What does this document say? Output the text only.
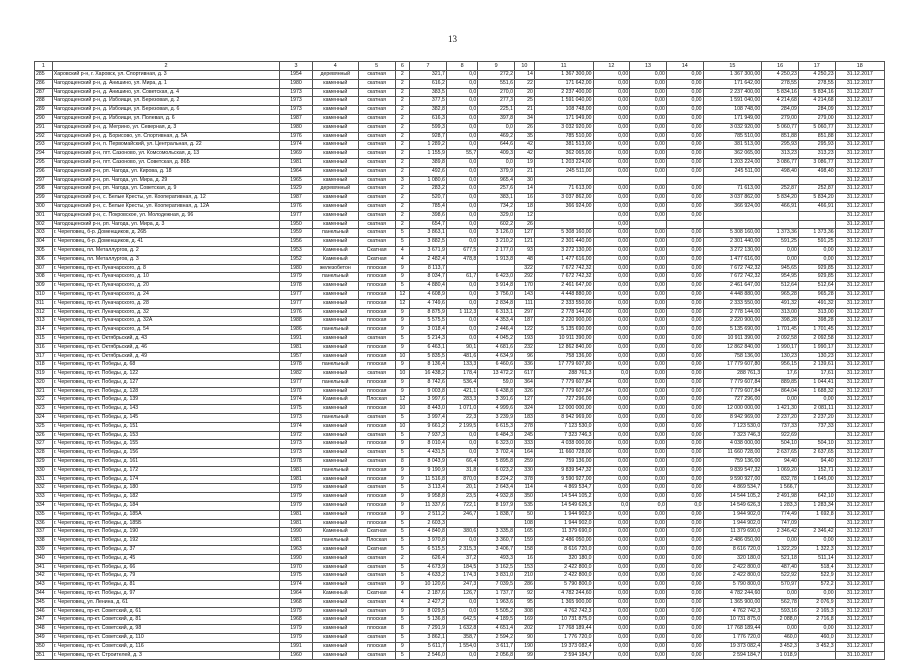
13
1	2	3	4	5	6	7	8	9	10	11	12	13	14	15	16	17	18
285	Харовский р-н, г. Харовск, ул. Спортивная, д. 3	1954	деревянный	скатная	2	321,7	0,0	272,2	14	1 367 300,00	0,00	0,00	0,00	1 367 300,00	4 250,23	4 250,23	31.12.2017
286	Чагодощенский р-н, д. Анишино, ул. Мира, д. 1	1980	каменный	скатная	2	616,2	0,0	551,6	22	171 642,00	0,00	0,00	0,00	171 642,00	278,55	278,55	31.12.2017
287	Чагодощенский р-н, д. Анишино, ул. Советская, д. 4	1973	каменный	скатная	2	383,5	0,0	270,0	20	2 237 400,00	0,00	0,00	0,00	2 237 400,00	5 834,16	5 834,16	31.12.2017
288	Чагодощенский р-н, д. Избоищи, ул. Березовая, д. 2	1973	каменный	скатная	2	377,5	0,0	277,3	25	1 591 040,00	0,00	0,00	0,00	1 591 040,00	4 214,68	4 214,68	31.12.2017
289	Чагодощенский р-н, д. Избоищи, ул. Березовая, д. 6	1973	каменный	скатная	2	382,8	0,0	225,1	21	108 748,00	0,00	0,00	0,00	108 748,00	284,09	284,09	31.12.2017
290	Чагодощенский р-н, д. Избоищи, ул. Полевая, д. 6	1987	каменный	скатная	2	616,3	0,0	397,8	34	171 949,00	0,00	0,00	0,00	171 949,00	279,00	279,00	31.12.2017
291	Чагодощенский р-н, д. Мегрино, ул. Северная, д. 3	1980	каменный	скатная	2	599,3	0,0	0,0	26	3 032 920,00	0,00	0,00	0,00	3 032 920,00	5 060,77	5 060,77	31.12.2017
292	Чагодощенский р-н, д. Борисово, ул. Спортивная, д. 5А	1976	каменный	скатная	2	928,7	0,0	469,2	35	785 510,00	0,00	0,00	0,00	785 510,00	851,88	851,88	31.12.2017
293	Чагодощенский р-н, п. Первомайский, ул. Центральная, д. 22	1974	каменный	скатная	2	1 289,2	0,0	644,6	42	381 513,00	0,00	0,00	0,00	381 513,00	295,93	295,93	31.12.2017
294	Чагодощенский р-н, пгт. Сазоново, ул. Комсомольская, д. 13	1969	каменный	скатная	2	1 155,9	55,7	409,3	42	362 065,00	0,00	0,00	0,00	362 065,00	313,23	313,23	31.12.2017
295	Чагодощенский р-н, пгт. Сазоново, ул. Советская, д. 86Б	1981	каменный	скатная	2	389,8	0,0	0,0	19	1 203 224,00	0,00	0,00	0,00	1 203 224,00	3 086,77	3 086,77	31.12.2017
296	Чагодощенский р-н, рп. Чагода, ул. Кирова, д. 18	1964	каменный	скатная	2	492,6	0,0	379,9	21	245 511,00	0,00	0,00	0,00	245 511,00	498,40	498,40	31.12.2017
297	Чагодощенский р-н, рп. Чагода, ул. Мира, д. 29	1965	каменный	скатная	3	1 080,6	0,0	965,4	30								31.12.2017
298	Чагодощенский р-н, рп. Чагода, ул. Советская, д. 9	1929	деревянный	скатная	2	283,2	0,0	257,6	14	71 613,00	0,00	0,00	0,00	71 613,00	252,87	252,87	31.12.2017
299	Чагодощенский р-н, с. Белые Кресты, ул. Кооперативная, д. 12	1987	каменный	скатная	2	520,7	0,0	383,1	16	3 037 862,00	0,00	0,00	0,00	3 037 862,00	5 834,20	5 834,20	31.12.2017
300	Чагодощенский р-н, с. Белые Кресты, ул. Кооперативная, д. 12А	1976	каменный	скатная	2	785,4	0,0	734,2	18	366 924,00	0,00	0,00	0,00	366 924,00	466,91	466,91	31.12.2017
301	Чагодощенский р-н, с. Покровское, ул. Молодежная, д. 96	1977	каменный	скатная	2	398,6	0,0	329,0	12		0,00	0,00	0,00				31.12.2017
302	Чагодощенский р-н, рп. Чагода, ул. Мира, д. 3	1950	каменный	скатная	2	654,7	0,0	602,2	26		0,00						31.12.2017
303	г. Череповец, б-р. Доменщиков, д. 26Б	1959	панельный	скатная	5	3 863,1	0,0	3 126,0	127	5 308 160,00	0,00	0,00	0,00	5 308 160,00	1 373,36	1 373,36	31.12.2017
304	г. Череповец, б-р. Доменщиков, д. 41	1956	каменный	скатная	5	3 882,5	0,0	3 210,2	121	2 301 440,00	0,00	0,00	0,00	2 301 440,00	591,25	591,25	31.12.2017
305	г. Череповец, пл. Металлургов, д. 2	1953	Каменный	Скатная	4	3 671,9	677,5	2 177,0	93	3 272 130,00	0,00	0,00	0,00	3 272 130,00	0,00	0,00	31.12.2017
306	г. Череповец, пл. Металлургов, д. 3	1952	Каменный	Скатная	4	2 482,4	478,8	1 913,8	48	1 477 616,00	0,00	0,00	0,00	1 477 616,00	0,00	0,00	31.12.2017
307	г. Череповец, пр-кт. Луначарского, д. 8	1980	железобетон	плоская	9	8 113,7			322	7 672 742,32	0,00	0,00	0,00	7 672 742,32	945,65	929,85	31.12.2017
308	г. Череповец, пр-кт. Луначарского, д. 10	1979	панельный	плоская	9	8 034,7	61,7	6 423,0	292	7 672 742,32	0,00	0,00	0,00	7 672 742,32	954,95	929,85	31.12.2017
309	г. Череповец, пр-кт. Луначарского, д. 20	1978	каменный	плоская	5	4 880,4	0,0	3 914,8	170	2 461 647,00	0,00	0,00	0,00	2 461 647,00	512,64	512,64	31.12.2017
310	г. Череповец, пр-кт. Луначарского, д. 24	1977	каменный	плоская	12	4 608,9	0,0	3 756,0	143	4 448 880,00	0,00	0,00	0,00	4 448 880,00	965,28	965,28	31.12.2017
311	г. Череповец, пр-кт. Луначарского, д. 28	1977	каменный	плоская	12	4 749,6	0,0	2 834,8	111	2 333 550,00	0,00	0,00	0,00	2 333 550,00	491,32	491,32	31.12.2017
312	г. Череповец, пр-кт. Луначарского, д. 32	1976	каменный	плоская	9	8 875,9	1 112,3	6 313,1	297	2 778 144,00	0,00	0,00	0,00	2 778 144,00	313,00	313,00	31.12.2017
313	г. Череповец, пр-кт. Луначарского, д. 32А	1988	каменный	плоская	9	5 575,5	0,0	4 353,4	187	2 220 900,00	0,00	0,00	0,00	2 220 900,00	398,28	398,28	31.12.2017
314	г. Череповец, пр-кт. Луначарского, д. 54	1986	панельный	плоская	9	3 018,4	0,0	2 446,4	122	5 135 690,00	0,00	0,00	0,00	5 135 690,00	1 701,45	1 701,45	31.12.2017
315	г. Череповец, пр-кт. Октябрьский, д. 43	1991	каменный	скатная	5	5 214,3	0,0	4 045,2	193	10 911 390,00	0,00	0,00	0,00	10 911 390,00	2 092,58	2 092,58	31.12.2017
316	г. Череповец, пр-кт. Октябрьский, д. 46	1981	каменный	плоская	9	6 463,1	90,1	4 681,6	232	12 862 840,00	0,00	0,00	0,00	12 862 840,00	1 990,17	1 990,17	31.12.2017
317	г. Череповец, пр-кт. Октябрьский, д. 49	1957	каменный	плоская	10	5 835,5	481,6	4 634,9	96	758 136,00	0,00	0,00	0,00	758 136,00	130,23	130,23	31.12.2017
318	г. Череповец, пр-кт. Победы, д. 68	1978	панельный	плоская	9	8 136,4	133,3	6 460,6	336	17 779 607,80	0,00	0,00	0,00	17 779 607,80	956,15	2 139,61	31.12.2017
319	г. Череповец, пр-кт. Победы, д. 122	1982	каменный	скатная	10	16 438,2	178,4	13 472,2	617	288 761,3	0,0	0,00	0,00	288 761,3	17,6	17,61	31.12.2017
320	г. Череповец, пр-кт. Победы, д. 127	1977	панельный	плоская	9	8 742,6	536,4	59,0	364	7 779 607,84	0,00	0,00	0,00	7 779 607,84	889,85	1 044,41	31.12.2017
321	г. Череповец, пр-кт. Победы, д. 128	1970	каменный	плоская	9	9 003,8	421,1	6 438,8	326	7 779 607,84	0,00	0,00	0,00	7 779 607,84	864,04	1 688,32	31.12.2017
322	г. Череповец, пр-кт. Победы, д. 139	1974	Каменный	Плоская	12	3 997,6	283,3	3 391,6	127	727 296,00	0,00	0,00	0,00	727 296,00	0,00	0,00	31.12.2017
323	г. Череповец, пр-кт. Победы, д. 143	1975	каменный	плоская	10	8 443,0	1 071,0	4 999,6	324	12 000 000,00	0,00	0,00	0,00	12 000 000,00	1 421,30	2 081,11	31.12.2017
324	г. Череповец, пр-кт. Победы, д. 145	1973	панельный	скатная	5	3 997,4	22,3	3 239,9	183	8 942 969,00	0,00	0,00	0,00	8 942 969,00	2 237,20	2 237,20	31.12.2017
325	г. Череповец, пр-кт. Победы, д. 151	1974	каменный	плоская	10	9 661,2	2 199,5	6 615,3	278	7 123 530,0	0,00	0,00	0,00	7 123 530,0	737,33	737,33	31.12.2017
326	г. Череповец, пр-кт. Победы, д. 153	1972	каменный	скатная	5	7 937,3	0,0	6 484,3	245	7 323 746,3	0,00	0,00	0,00	7 323 746,3	922,69		31.12.2017
327	г. Череповец, пр-кт. Победы, д. 155	1973	каменный	плоская	9	8 010,4	0,0	6 323,0	333	4 038 000,00	0,00	0,00	0,00	4 038 000,00	504,10	504,10	31.12.2017
328	г. Череповец, пр-кт. Победы, д. 156	1973	каменный	скатная	5	4 431,5	0,0	3 702,4	164	11 660 728,00	0,00	0,00	0,00	11 660 728,00	2 637,65	2 637,65	31.12.2017
329	г. Череповец, пр-кт. Победы, д. 161	1978	каменный	скатная	8	8 043,9	66,4	5 895,8	259	759 136,00	0,00	0,00	0,00	759 136,00	94,40	94,40	31.12.2017
330	г. Череповец, пр-кт. Победы, д. 172	1981	панельный	плоская	9	9 190,9	31,8	6 023,2	330	9 839 547,32	0,00	0,00	0,00	9 839 547,32	1 069,20	152,71	31.12.2017
331	г. Череповец, пр-кт. Победы, д. 174	1981	каменный	плоская	9	11 516,8	870,0	8 224,2	378	9 590 927,00	0,00	0,00	0,00	9 590 927,00	832,78	1 645,00	31.12.2017
332	г. Череповец, пр-кт. Победы, д. 180	1979	каменный	скатная	5	3 113,4	20,1	2 643,4	114	4 869 534,7	0,00	0,00	0,00	4 869 534,7	1 566,7		31.12.2017
333	г. Череповец, пр-кт. Победы, д. 182	1979	каменный	плоская	9	9 958,8	23,5	4 932,8	350	14 544 105,2	0,00	0,00	0,00	14 544 105,2	2 491,98	642,10	31.12.2017
334	г. Череповец, пр-кт. Победы, д. 184	1979	каменный	плоская	9	11 337,6	722,1	8 197,9	535	14 549 626,3	0,0	0,0	0,0	14 549 626,3	1 283,3	1 283,34	31.12.2017
335	г. Череповец, пр-кт. Победы, д. 185А	1981	каменный	плоская	9	2 511,2	246,7	1 838,7	50	1 944 902,0	0,00	0,00	0,00	1 944 902,0	774,49	1 692,8	31.12.2017
336	г. Череповец, пр-кт. Победы, д. 185Б	1981	каменный	плоская	5	2 603,3			108	1 944 902,0	0,00	0,00	0,00	1 944 902,0	747,09		31.12.2017
337	г. Череповец, пр-кт. Победы, д. 190	1990	Каменный	Скатная	5	4 840,8	380,6	3 335,8	165	11 379 690,0	0,00	0,00	0,00	11 379 690,0	2 346,42	2 346,42	31.12.2017
338	г. Череповец, пр-кт. Победы, д. 192	1981	панельный	Плоская	5	3 970,8	0,0	3 360,7	159	2 486 050,00	0,00	0,00	0,00	2 486 050,00	0,00	0,00	31.12.2017
339	г. Череповец, пр-кт. Победы, д. 37	1963	каменный	Скатная	5	6 515,5	2 315,3	3 406,7	158	8 616 720,0	0,00	0,00	0,00	8 616 720,0	1 322,29	1 322,3	31.12.2017
340	г. Череповец, пр-кт. Победы, д. 45	1990	каменный	скатная	2	626,4	37,2	493,3	16	320 180,0	0,00	0,00	0,00	320 180,0	521,18	511,14	31.12.2017
341	г. Череповец, пр-кт. Победы, д. 66	1970	каменный	скатная	5	4 673,9	184,5	3 162,5	153	2 422 800,0	0,00	0,00	0,00	2 422 800,0	487,40	518,4	31.12.2017
342	г. Череповец, пр-кт. Победы, д. 79	1975	каменный	скатная	5	4 633,2	174,3	3 831,0	210	2 422 800,0	0,00	0,00	0,00	2 422 800,0	522,92	522,9	31.12.2017
343	г. Череповец, пр-кт. Победы, д. 81	1974	каменный	скатная	9	10 120,6	247,3	7 039,5	286	5 790 800,0	0,00	0,00	0,00	5 790 800,0	570,97	572,2	31.12.2017
344	г. Череповец, пр-кт. Победы, д. 97	1964	Каменный	Скатная	4	2 187,6	126,7	1 737,7	92	4 782 244,60	0,00	0,00	0,00	4 782 244,60	0,00	0,00	31.12.2017
345	г. Череповец, ул. Ленина, д. 61	1968	каменный	скатная	4	2 427,2	0,0	1 963,6	95	1 365 900,00	0,00	0,00	0,00	1 365 900,00	562,78	2 076,9	31.12.2017
346	г. Череповец, пр-кт. Советский, д. 61	1979	каменный	скатная	9	8 029,5	0,0	5 505,2	308	4 762 742,3	0,00	0,00	0,00	4 762 742,3	593,16	2 165,3	31.12.2017
347	г. Череповец, пр-кт. Советский, д. 81	1968	каменный	плоская	5	5 136,8	642,5	4 189,5	169	10 731 875,0	0,00	0,00	0,00	10 731 875,0	2 088,0	2 716,8	31.12.2017
348	г. Череповец, пр-кт. Советский, д. 98	1979	каменный	плоская	8	7 291,9	1 632,8	4 651,4	202	17 768 189,44	0,00	0,00	0,00	17 768 189,44	0,00	0,00	31.12.2017
349	г. Череповец, пр-кт. Советский, д. 110	1979	каменный	скатная	5	3 862,1	358,7	2 594,2	90	1 776 720,0	0,00	0,00	0,00	1 776 720,0	460,0	460,0	31.12.2017
350	г. Череповец, пр-кт. Советский, д. 116	1991	каменный	плоская	9	5 611,7	1 554,0	3 611,7	190	19 373 082,4	0,00	0,00	0,00	19 373 082,4	3 452,3	3 452,3	31.12.2017
351	г. Череповец, пр-кт. Строителей, д. 3	1960	каменный	скатная	5	2 546,0	0,0	2 056,8	99	2 594 184,7	0,00	0,00	0,00	2 594 184,7	1 018,9		31.10.2017
